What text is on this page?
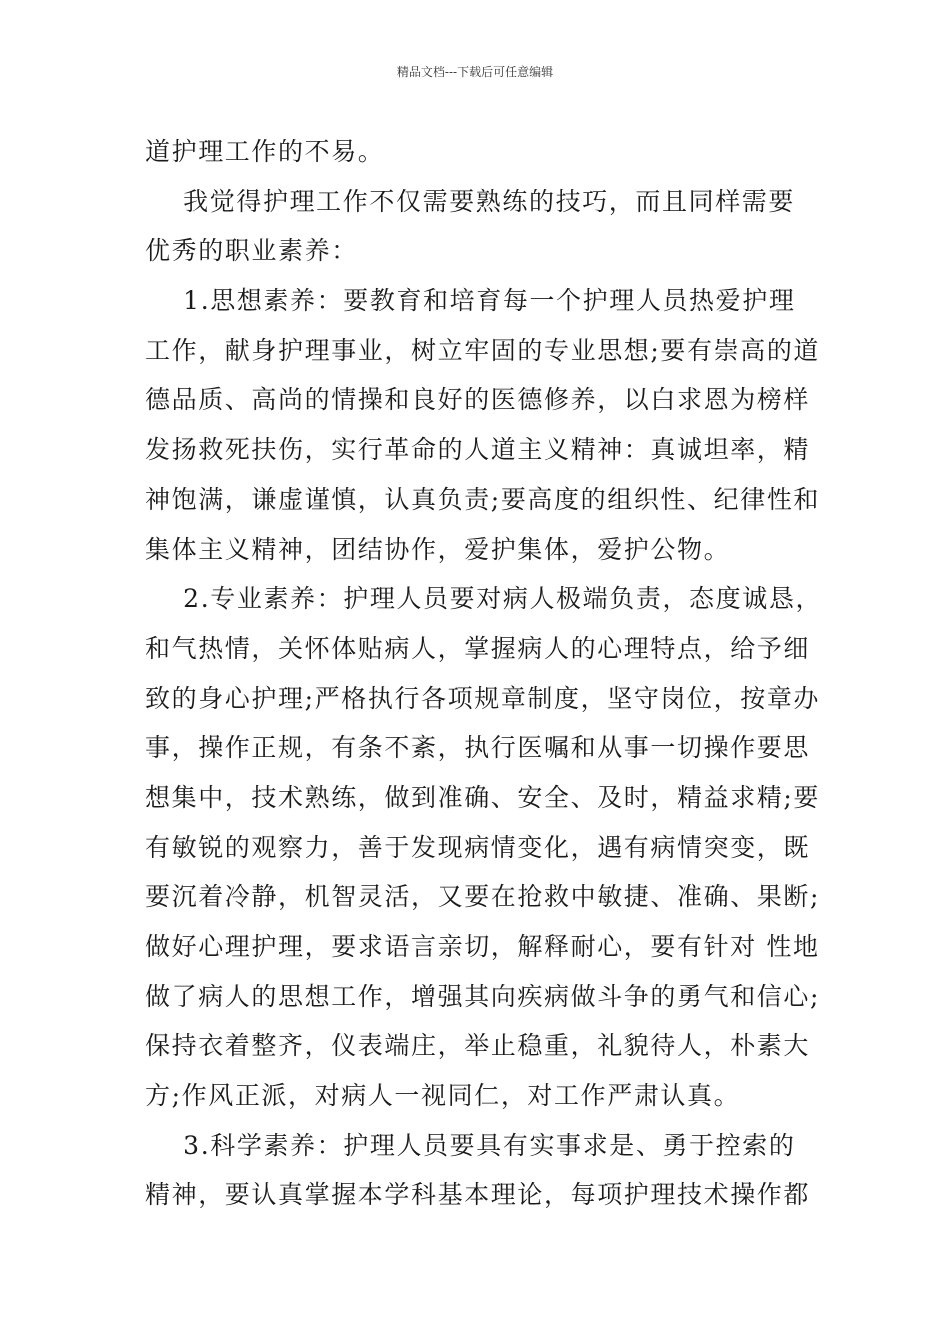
精品文档---下载后可任意编辑
道护理工作的不易。
我觉得护理工作不仅需要熟练的技巧，而且同样需要
优秀的职业素养：
1.思想素养：要教育和培育每一个护理人员热爱护理
工作，献身护理事业，树立牢固的专业思想;要有崇高的道
德品质、高尚的情操和良好的医德修养，以白求恩为榜样
发扬救死扶伤，实行革命的人道主义精神：真诚坦率，精
神饱满，谦虚谨慎，认真负责;要高度的组织性、纪律性和
集体主义精神，团结协作，爱护集体，爱护公物。
2.专业素养：护理人员要对病人极端负责，态度诚恳，
和气热情，关怀体贴病人，掌握病人的心理特点，给予细
致的身心护理;严格执行各项规章制度，坚守岗位，按章办
事，操作正规，有条不紊，执行医嘱和从事一切操作要思
想集中，技术熟练，做到准确、安全、及时，精益求精;要
有敏锐的观察力，善于发现病情变化，遇有病情突变，既
要沉着冷静，机智灵活，又要在抢救中敏捷、准确、果断;
做好心理护理，要求语言亲切，解释耐心，要有针对 性地
做了病人的思想工作，增强其向疾病做斗争的勇气和信心;
保持衣着整齐，仪表端庄，举止稳重，礼貌待人，朴素大
方;作风正派，对病人一视同仁，对工作严肃认真。
3.科学素养：护理人员要具有实事求是、勇于控索的
精神，要认真掌握本学科基本理论，每项护理技术操作都
